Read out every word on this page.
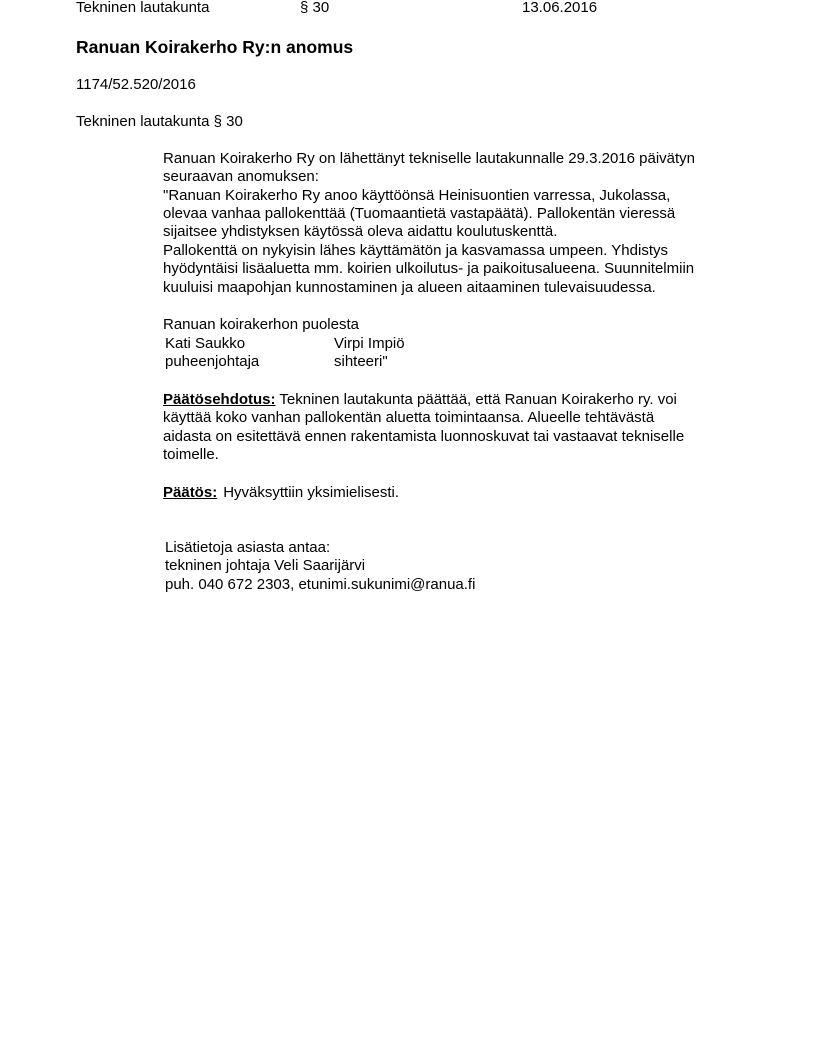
Tekninen lautakunta	§ 30	13.06.2016
Ranuan Koirakerho Ry:n anomus
1174/52.520/2016
Tekninen lautakunta § 30
Ranuan Koirakerho Ry on lähettänyt tekniselle lautakunnalle 29.3.2016 päivätyn
seuraavan anomuksen:
"Ranuan Koirakerho Ry anoo käyttöönsä Heinisuontien varressa, Jukolassa,
olevaa vanhaa pallokenttää (Tuomaantietä vastapäätä). Pallokentän vieressä
sijaitsee yhdistyksen käytössä oleva aidattu koulutuskenttä.
Pallokenttä on nykyisin lähes käyttämätön ja kasvamassa umpeen. Yhdistys
hyödyntäisi lisäaluetta mm. koirien ulkoilutus- ja paikoitusalueena. Suunnitelmiin
kuuluisi maapohjan kunnostaminen ja alueen aitaaminen tulevaisuudessa.
Ranuan koirakerhon puolesta
Kati Saukko	Virpi Impiö
puheenjohtaja	sihteeri"
Päätösehdotus: Tekninen lautakunta päättää, että Ranuan Koirakerho ry. voi
käyttää koko vanhan pallokentän aluetta toimintaansa. Alueelle tehtävästä
aidasta on esitettävä ennen rakentamista luonnoskuvat tai vastaavat tekniselle
toimelle.
Päätös: Hyväksyttiin yksimielisesti.
Lisätietoja asiasta antaa:
tekninen johtaja Veli Saarijärvi
puh. 040 672 2303, etunimi.sukunimi@ranua.fi
